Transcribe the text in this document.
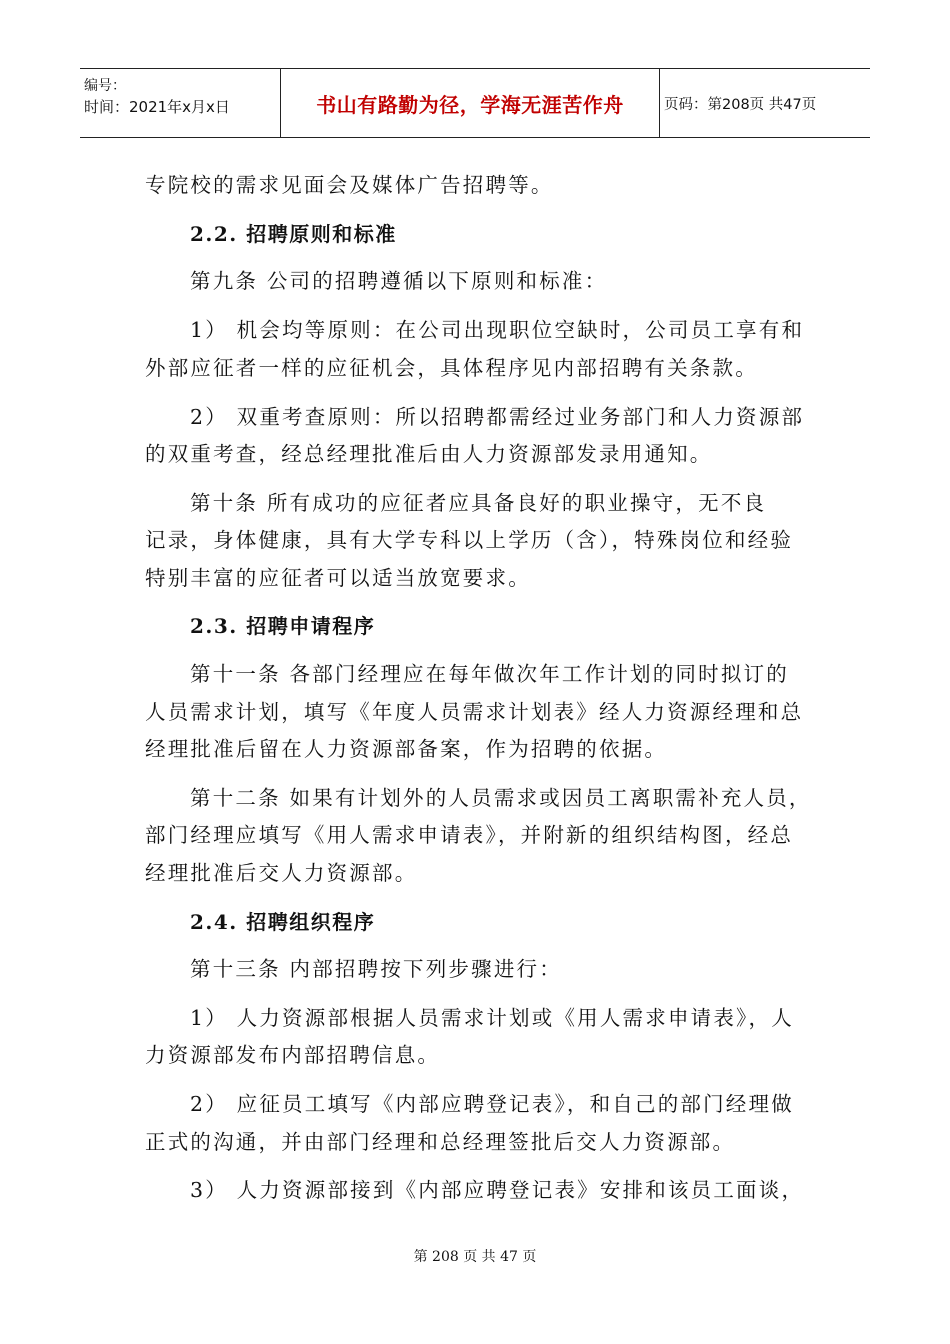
编号：
时间：2021年x月x日	书山有路勤为径，学海无涯苦作舟	页码：第208页 共47页
专院校的需求见面会及媒体广告招聘等。
2.2. 招聘原则和标准
第九条 公司的招聘遵循以下原则和标准：
1） 机会均等原则：在公司出现职位空缺时，公司员工享有和
外部应征者一样的应征机会，具体程序见内部招聘有关条款。
2） 双重考查原则：所以招聘都需经过业务部门和人力资源部
的双重考查，经总经理批准后由人力资源部发录用通知。
第十条 所有成功的应征者应具备良好的职业操守，无不良
记录，身体健康，具有大学专科以上学历（含），特殊岗位和经验
特别丰富的应征者可以适当放宽要求。
2.3. 招聘申请程序
第十一条 各部门经理应在每年做次年工作计划的同时拟订的
人员需求计划，填写《年度人员需求计划表》经人力资源经理和总
经理批准后留在人力资源部备案，作为招聘的依据。
第十二条 如果有计划外的人员需求或因员工离职需补充人员，
部门经理应填写《用人需求申请表》，并附新的组织结构图，经总
经理批准后交人力资源部。
2.4. 招聘组织程序
第十三条 内部招聘按下列步骤进行：
1） 人力资源部根据人员需求计划或《用人需求申请表》，人
力资源部发布内部招聘信息。
2） 应征员工填写《内部应聘登记表》，和自己的部门经理做
正式的沟通，并由部门经理和总经理签批后交人力资源部。
3） 人力资源部接到《内部应聘登记表》安排和该员工面谈，
第 208 页 共 47 页
